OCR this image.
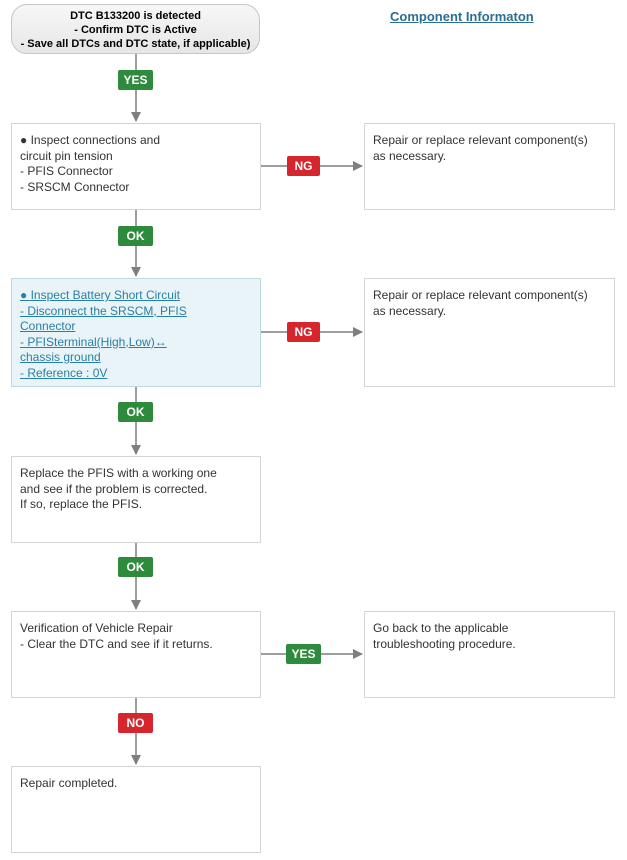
DTC B133200 is detected
- Confirm DTC is Active
- Save all DTCs and DTC state, if applicable)
Component Informaton
YES
● Inspect connections and
circuit pin tension
- PFIS Connector
- SRSCM Connector
NG
Repair or replace relevant component(s)
as necessary.
OK
● Inspect Battery Short Circuit
- Disconnect the SRSCM, PFIS
Connector
- PFISterminal(High,Low)↔
chassis ground
- Reference : 0V
NG
Repair or replace relevant component(s)
as necessary.
OK
Replace the PFIS with a working one
and see if the problem is corrected.
If so, replace the PFIS.
OK
Verification of Vehicle Repair
- Clear the DTC and see if it returns.
YES
Go back to the applicable
troubleshooting procedure.
NO
Repair completed.
